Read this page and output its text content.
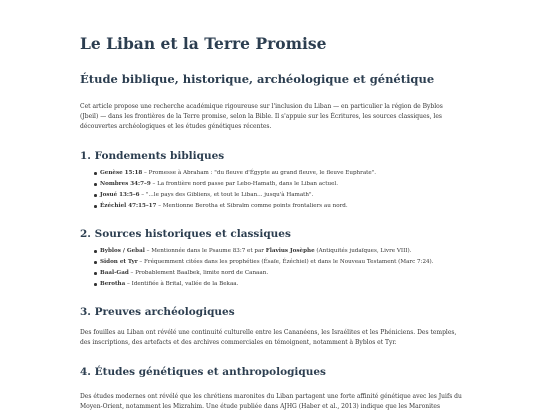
Le Liban et la Terre Promise
Étude biblique, historique, archéologique et génétique

Cet article propose une recherche académique rigoureuse sur l'inclusion du Liban — en particulier la région de Byblos (Jbeil) — dans les frontières de la Terre promise, selon la Bible. Il s'appuie sur les Écritures, les sources classiques, les découvertes archéologiques et les études génétiques récentes.

1. Fondements bibliques
Genèse 15:18 – Promesse à Abraham : "du fleuve d'Égypte au grand fleuve, le fleuve Euphrate".
Nombres 34:7–9 – La frontière nord passe par Lebo-Hamath, dans le Liban actuel.
Josué 13:5–6 – "...le pays des Gibliens, et tout le Liban... jusqu'à Hamath".
Ézéchiel 47:15–17 – Mentionne Berotha et Sibraïm comme points frontaliers au nord.
2. Sources historiques et classiques
Byblos / Gebal – Mentionnée dans le Psaume 83:7 et par Flavius Josèphe (Antiquités judaïques, Livre VIII).
Sidon et Tyr – Fréquemment citées dans les prophéties (Ésaïe, Ézéchiel) et dans le Nouveau Testament (Marc 7:24).
Baal-Gad – Probablement Baalbek, limite nord de Canaan.
Berotha – Identifiée à Brital, vallée de la Bekaa.
3. Preuves archéologiques

Des fouilles au Liban ont révélé une continuité culturelle entre les Cananéens, les Israélites et les Phéniciens. Des temples, des inscriptions, des artefacts et des archives commerciales en témoignent, notamment à Byblos et Tyr.

4. Études génétiques et anthropologiques

Des études modernes ont révélé que les chrétiens maronites du Liban partagent une forte affinité génétique avec les Juifs du Moyen-Orient, notamment les Mizrahim. Une étude publiée dans AJHG (Haber et al., 2013) indique que les Maronites
